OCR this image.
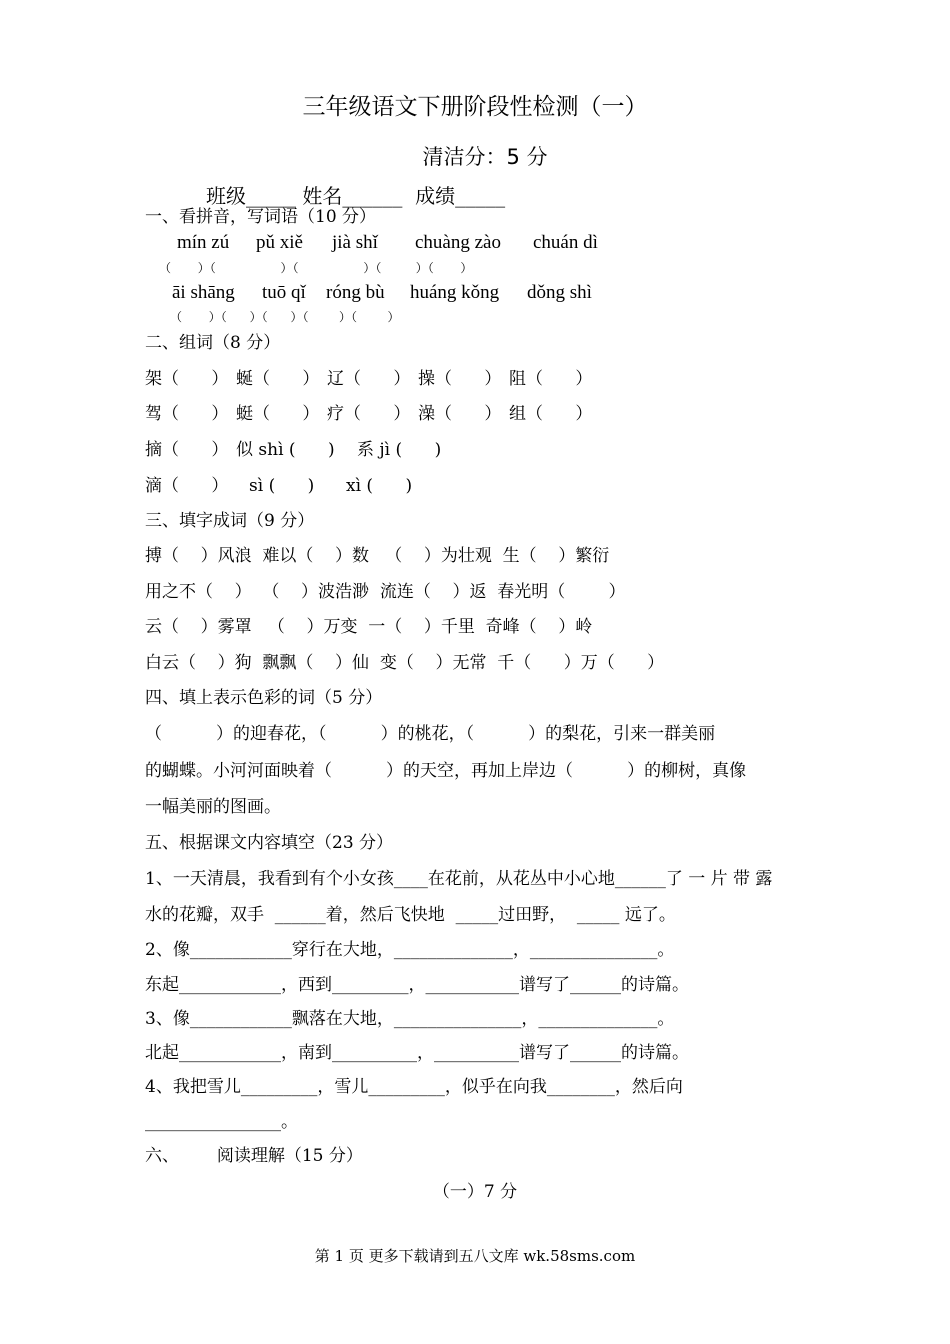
三年级语文下册阶段性检测（一）
清洁分：5 分
班级_____ 姓名______  成绩_____
一、看拼音，写词语（10 分）
mín zú pǔ xiě jià shǐ chuàng zào chuán dì
（       ）（                 ）（                 ）（         ）（       ）
āi shāng tuō qǐ róng bù huáng kǒng dǒng shì
（       ）（      ）（      ）（        ）（        ）
二、组词（8 分）
架（      ） 蜒（      ） 辽（      ） 操（      ） 阻（      ）
驾（      ） 蜓（      ） 疗（      ） 澡（      ） 组（      ）
摘（      ） 似 shì (      ) 系 jì (      )
滴（      ） sì (      ) xì (      )
三、填字成词（9 分）
搏（    ）风浪  难以（    ）数   （    ）为壮观  生（    ）繁衍
用之不（    ）  （    ）波浩渺  流连（    ）返  春光明（        ）
云（    ）雾罩   （    ）万变  一（    ）千里  奇峰（    ）岭
白云（    ）狗  飘飘（    ）仙  变（    ）无常  千（      ）万（      ）
四、填上表示色彩的词（5 分）
（          ）的迎春花，（          ）的桃花，（          ）的梨花，引来一群美丽
的蝴蝶。小河河面映着（          ）的天空，再加上岸边（          ）的柳树，真像
一幅美丽的图画。
五、根据课文内容填空（23 分）
1、一天清晨，我看到有个小女孩____在花前，从花丛中小心地______了 一 片 带 露
水的花瓣，双手  ______着，然后飞快地  _____过田野，  _____ 远了。
2、像____________穿行在大地，______________，_______________。
东起____________，西到_________，___________谱写了______的诗篇。
3、像____________飘落在大地，_______________，______________。
北起____________，南到__________，__________谱写了______的诗篇。
4、我把雪儿_________，雪儿_________，似乎在向我________，然后向
________________。
六、       阅读理解（15 分）
（一）7 分
第 1 页 更多下载请到五八文库 wk.58sms.com
